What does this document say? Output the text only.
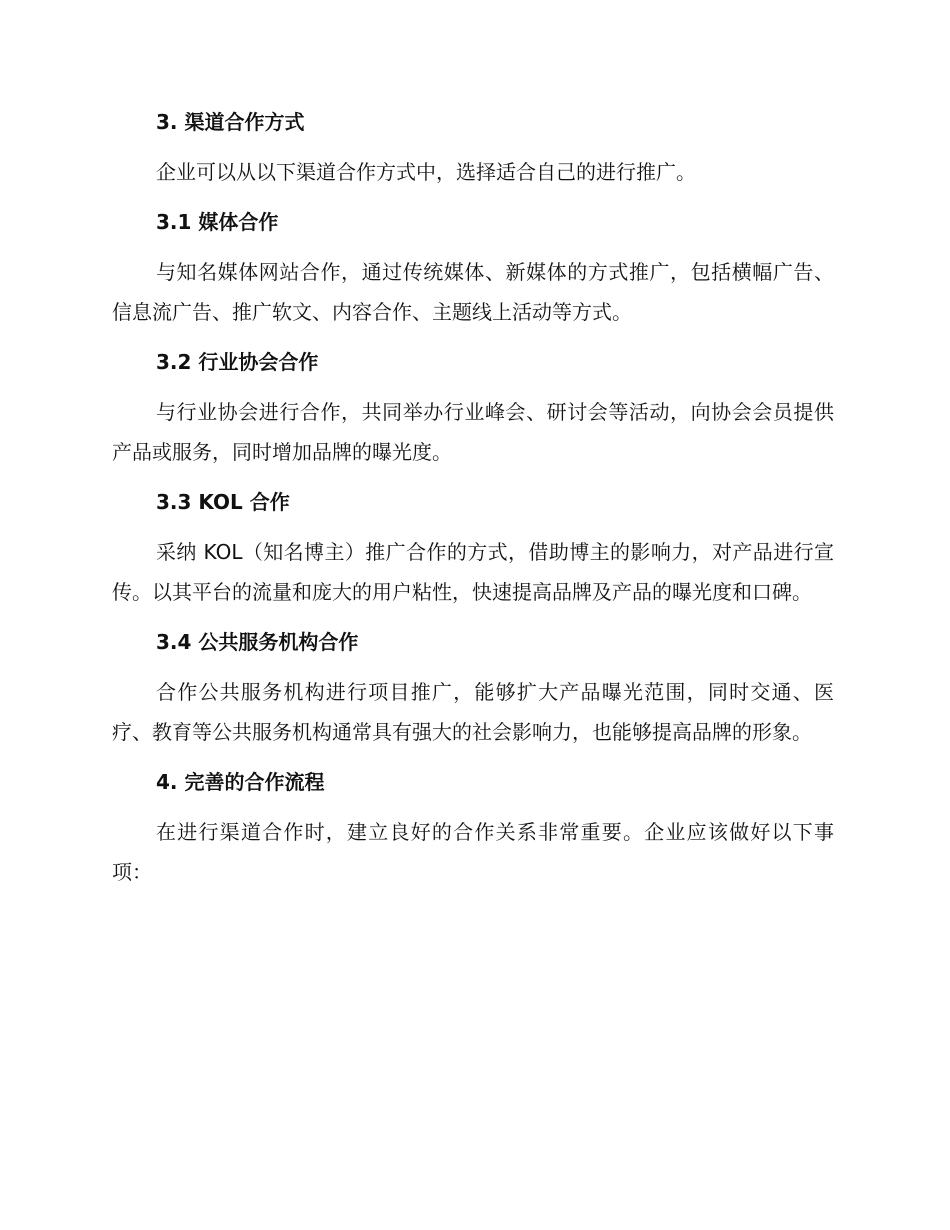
3. 渠道合作方式
企业可以从以下渠道合作方式中，选择适合自己的进行推广。
3.1 媒体合作
与知名媒体网站合作，通过传统媒体、新媒体的方式推广，包括横幅广告、信息流广告、推广软文、内容合作、主题线上活动等方式。
3.2 行业协会合作
与行业协会进行合作，共同举办行业峰会、研讨会等活动，向协会会员提供产品或服务，同时增加品牌的曝光度。
3.3 KOL 合作
采纳 KOL（知名博主）推广合作的方式，借助博主的影响力，对产品进行宣传。以其平台的流量和庞大的用户粘性，快速提高品牌及产品的曝光度和口碑。
3.4 公共服务机构合作
合作公共服务机构进行项目推广，能够扩大产品曝光范围，同时交通、医疗、教育等公共服务机构通常具有强大的社会影响力，也能够提高品牌的形象。
4. 完善的合作流程
在进行渠道合作时，建立良好的合作关系非常重要。企业应该做好以下事项：
